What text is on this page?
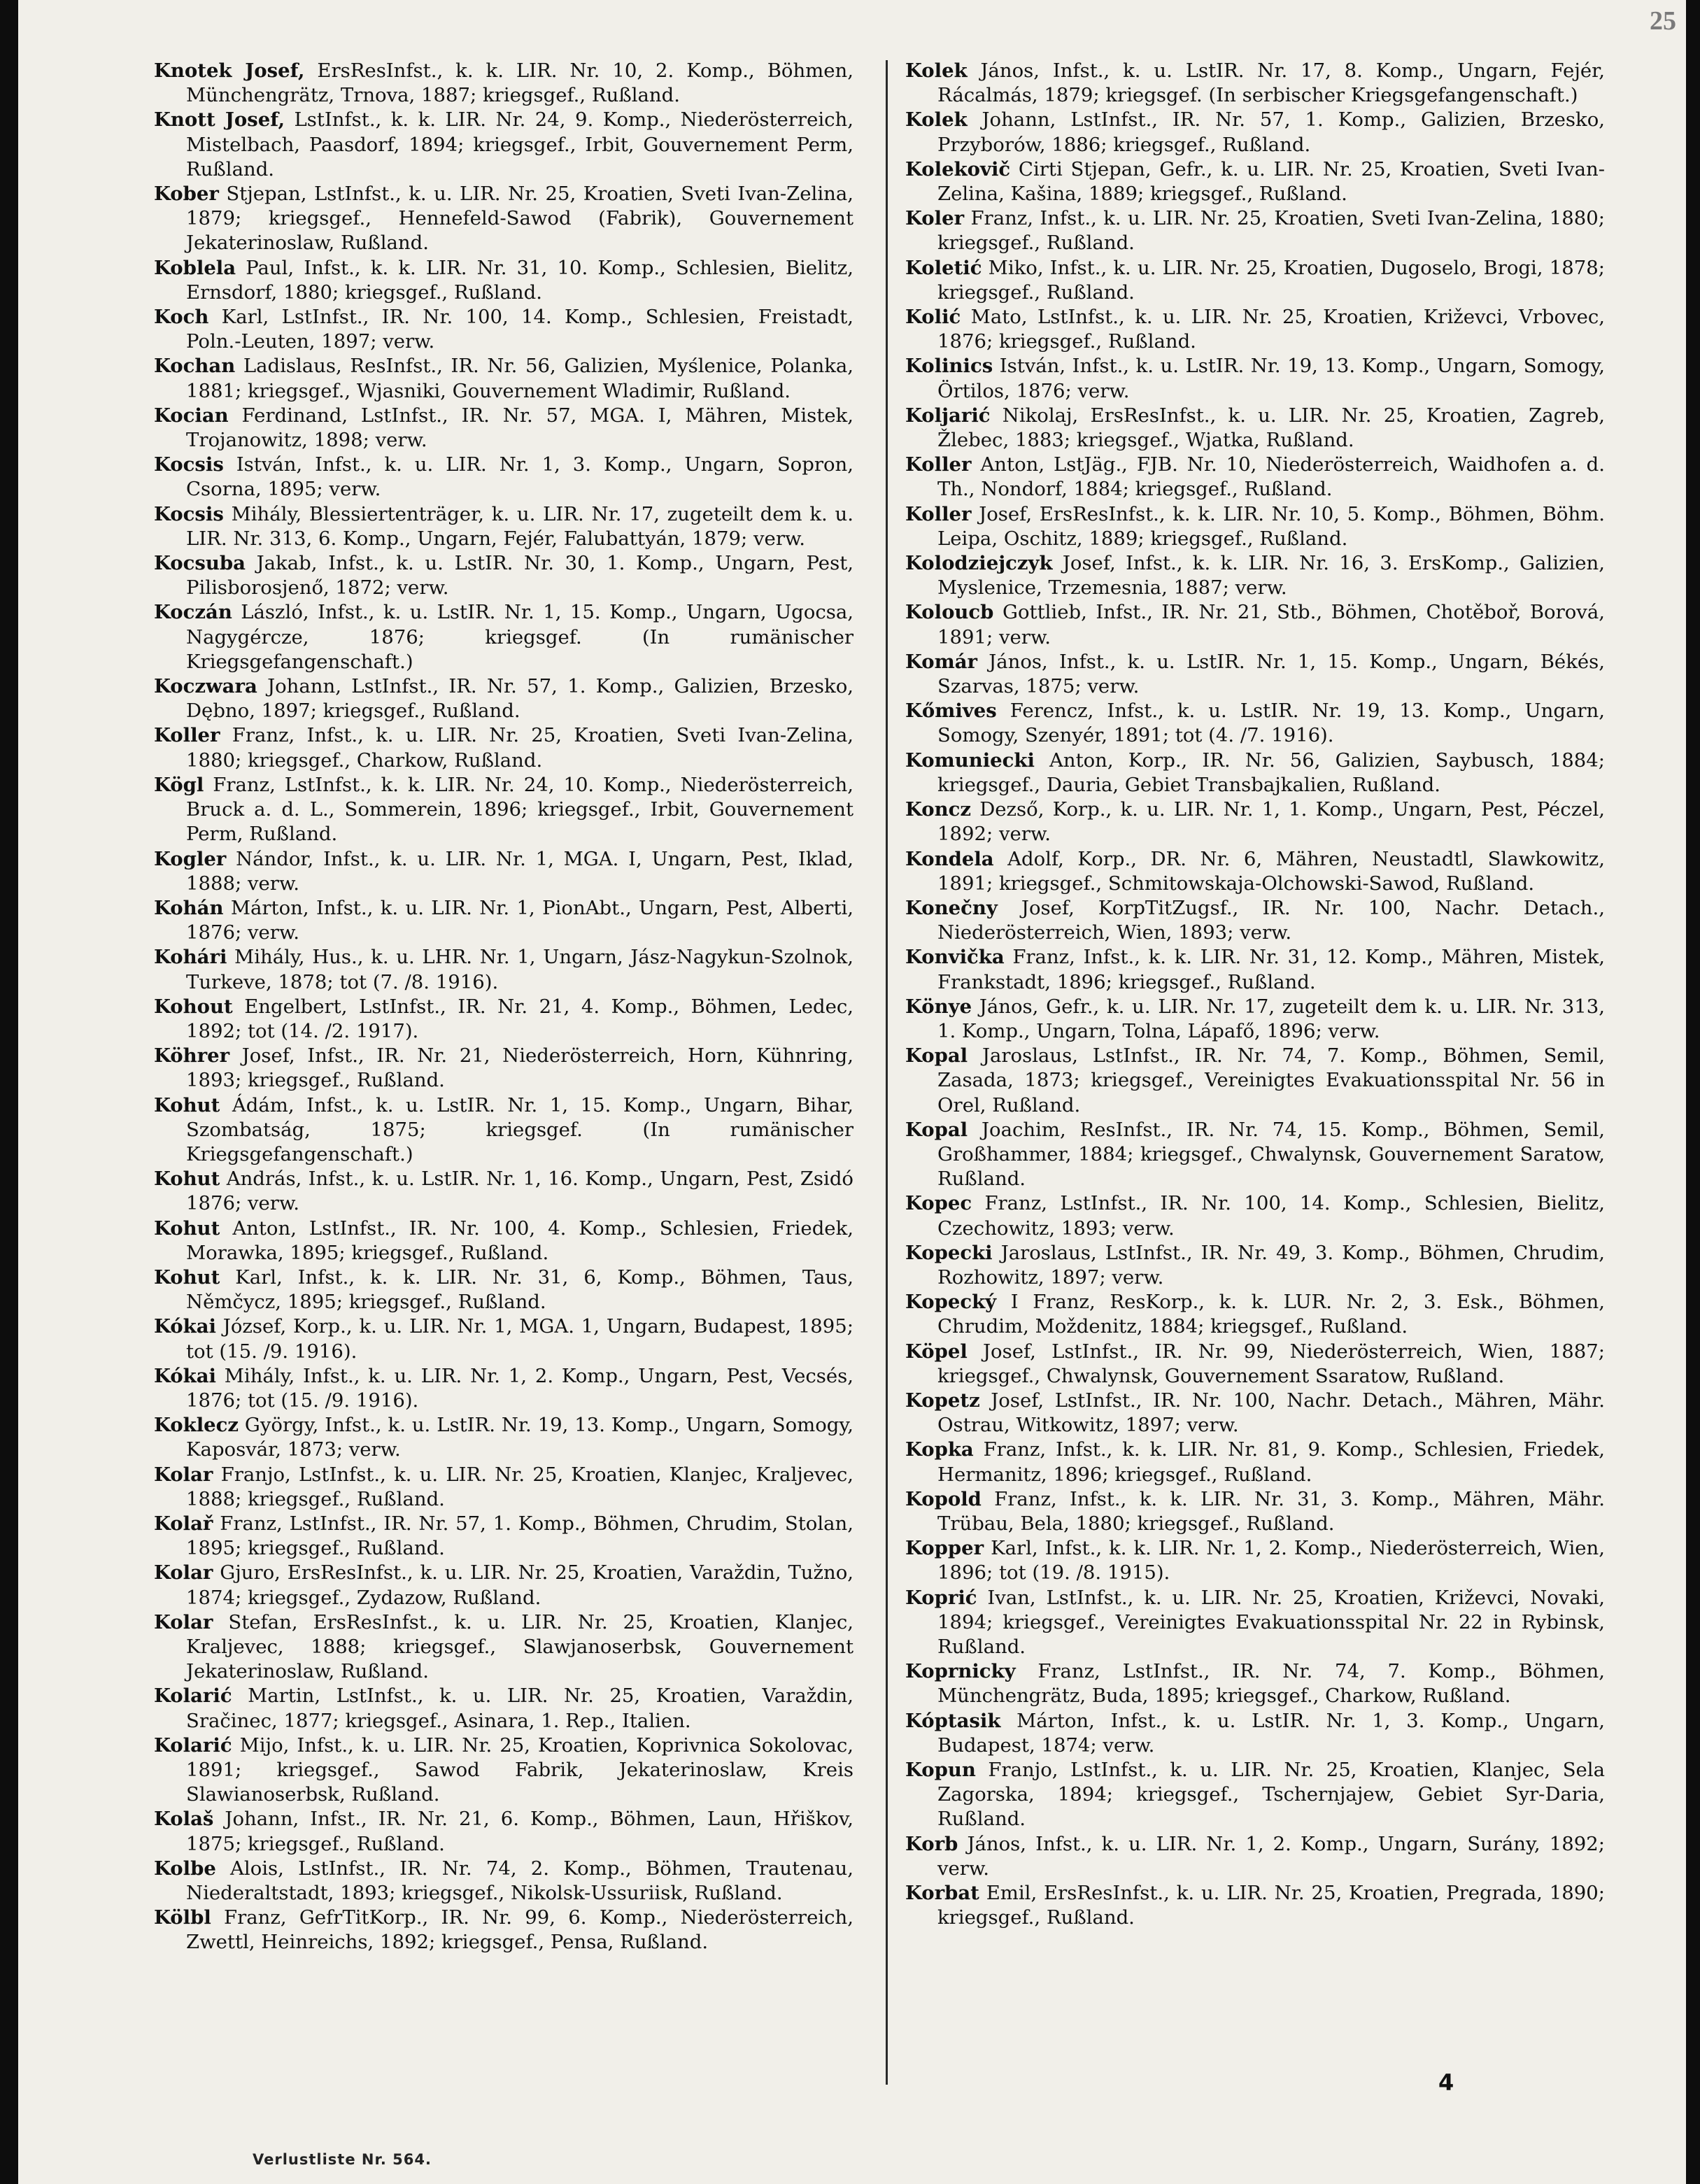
25

Knotek Josef, ErsResInfst., k. k. LIR. Nr. 10, 2. Komp., Böhmen, Münchengrätz, Trnova, 1887; kriegsgef., Rußland.

Knott Josef, LstInfst., k. k. LIR. Nr. 24, 9. Komp., Niederösterreich, Mistelbach, Paasdorf, 1894; kriegsgef., Irbit, Gouvernement Perm, Rußland.

Kober Stjepan, LstInfst., k. u. LIR. Nr. 25, Kroatien, Sveti Ivan-Zelina, 1879; kriegsgef., Hennefeld-Sawod (Fabrik), Gouvernement Jekaterinoslaw, Rußland.

Koblela Paul, Infst., k. k. LIR. Nr. 31, 10. Komp., Schlesien, Bielitz, Ernsdorf, 1880; kriegsgef., Rußland.

Koch Karl, LstInfst., IR. Nr. 100, 14. Komp., Schlesien, Freistadt, Poln.-Leuten, 1897; verw.

Kochan Ladislaus, ResInfst., IR. Nr. 56, Galizien, Myślenice, Polanka, 1881; kriegsgef., Wjasniki, Gouvernement Wladimir, Rußland.

Kocian Ferdinand, LstInfst., IR. Nr. 57, MGA. I, Mähren, Mistek, Trojanowitz, 1898; verw.

Kocsis István, Infst., k. u. LIR. Nr. 1, 3. Komp., Ungarn, Sopron, Csorna, 1895; verw.

Kocsis Mihály, Blessiertenträger, k. u. LIR. Nr. 17, zugeteilt dem k. u. LIR. Nr. 313, 6. Komp., Ungarn, Fejér, Falubattyán, 1879; verw.

Kocsuba Jakab, Infst., k. u. LstIR. Nr. 30, 1. Komp., Ungarn, Pest, Pilisborosjenő, 1872; verw.

Koczán László, Infst., k. u. LstIR. Nr. 1, 15. Komp., Ungarn, Ugocsa, Nagygércze, 1876; kriegsgef. (In rumänischer Kriegsgefangenschaft.)

Koczwara Johann, LstInfst., IR. Nr. 57, 1. Komp., Galizien, Brzesko, Dębno, 1897; kriegsgef., Rußland.

Koller Franz, Infst., k. u. LIR. Nr. 25, Kroatien, Sveti Ivan-Zelina, 1880; kriegsgef., Charkow, Rußland.

Kögl Franz, LstInfst., k. k. LIR. Nr. 24, 10. Komp., Niederösterreich, Bruck a. d. L., Sommerein, 1896; kriegsgef., Irbit, Gouvernement Perm, Rußland.

Kogler Nándor, Infst., k. u. LIR. Nr. 1, MGA. I, Ungarn, Pest, Iklad, 1888; verw.

Kohán Márton, Infst., k. u. LIR. Nr. 1, PionAbt., Ungarn, Pest, Alberti, 1876; verw.

Kohári Mihály, Hus., k. u. LHR. Nr. 1, Ungarn, Jász-Nagykun-Szolnok, Turkeve, 1878; tot (7. /8. 1916).

Kohout Engelbert, LstInfst., IR. Nr. 21, 4. Komp., Böhmen, Ledec, 1892; tot (14. /2. 1917).

Köhrer Josef, Infst., IR. Nr. 21, Niederösterreich, Horn, Kühnring, 1893; kriegsgef., Rußland.

Kohut Ádám, Infst., k. u. LstIR. Nr. 1, 15. Komp., Ungarn, Bihar, Szombatság, 1875; kriegsgef. (In rumänischer Kriegsgefangenschaft.)

Kohut András, Infst., k. u. LstIR. Nr. 1, 16. Komp., Ungarn, Pest, Zsidó 1876; verw.

Kohut Anton, LstInfst., IR. Nr. 100, 4. Komp., Schlesien, Friedek, Morawka, 1895; kriegsgef., Rußland.

Kohut Karl, Infst., k. k. LIR. Nr. 31, 6, Komp., Böhmen, Taus, Němčycz, 1895; kriegsgef., Rußland.

Kókai József, Korp., k. u. LIR. Nr. 1, MGA. 1, Ungarn, Budapest, 1895; tot (15. /9. 1916).

Kókai Mihály, Infst., k. u. LIR. Nr. 1, 2. Komp., Ungarn, Pest, Vecsés, 1876; tot (15. /9. 1916).

Koklecz György, Infst., k. u. LstIR. Nr. 19, 13. Komp., Ungarn, Somogy, Kaposvár, 1873; verw.

Kolar Franjo, LstInfst., k. u. LIR. Nr. 25, Kroatien, Klanjec, Kraljevec, 1888; kriegsgef., Rußland.

Kolař Franz, LstInfst., IR. Nr. 57, 1. Komp., Böhmen, Chrudim, Stolan, 1895; kriegsgef., Rußland.

Kolar Gjuro, ErsResInfst., k. u. LIR. Nr. 25, Kroatien, Varaždin, Tužno, 1874; kriegsgef., Zydazow, Rußland.

Kolar Stefan, ErsResInfst., k. u. LIR. Nr. 25, Kroatien, Klanjec, Kraljevec, 1888; kriegsgef., Slawjanoserbsk, Gouvernement Jekaterinoslaw, Rußland.

Kolarić Martin, LstInfst., k. u. LIR. Nr. 25, Kroatien, Varaždin, Sračinec, 1877; kriegsgef., Asinara, 1. Rep., Italien.

Kolarić Mijo, Infst., k. u. LIR. Nr. 25, Kroatien, Koprivnica Sokolovac, 1891; kriegsgef., Sawod Fabrik, Jekaterinoslaw, Kreis Slawianoserbsk, Rußland.

Kolaš Johann, Infst., IR. Nr. 21, 6. Komp., Böhmen, Laun, Hřiškov, 1875; kriegsgef., Rußland.

Kolbe Alois, LstInfst., IR. Nr. 74, 2. Komp., Böhmen, Trautenau, Niederaltstadt, 1893; kriegsgef., Nikolsk-Ussuriisk, Rußland.

Kölbl Franz, GefrTitKorp., IR. Nr. 99, 6. Komp., Niederösterreich, Zwettl, Heinreichs, 1892; kriegsgef., Pensa, Rußland.

Kolek János, Infst., k. u. LstIR. Nr. 17, 8. Komp., Ungarn, Fejér, Rácalmás, 1879; kriegsgef. (In serbischer Kriegsgefangenschaft.)

Kolek Johann, LstInfst., IR. Nr. 57, 1. Komp., Galizien, Brzesko, Przyborów, 1886; kriegsgef., Rußland.

Kolekovič Cirti Stjepan, Gefr., k. u. LIR. Nr. 25, Kroatien, Sveti Ivan-Zelina, Kašina, 1889; kriegsgef., Rußland.

Koler Franz, Infst., k. u. LIR. Nr. 25, Kroatien, Sveti Ivan-Zelina, 1880; kriegsgef., Rußland.

Koletić Miko, Infst., k. u. LIR. Nr. 25, Kroatien, Dugoselo, Brogi, 1878; kriegsgef., Rußland.

Kolić Mato, LstInfst., k. u. LIR. Nr. 25, Kroatien, Križevci, Vrbovec, 1876; kriegsgef., Rußland.

Kolinics István, Infst., k. u. LstIR. Nr. 19, 13. Komp., Ungarn, Somogy, Örtilos, 1876; verw.

Koljarić Nikolaj, ErsResInfst., k. u. LIR. Nr. 25, Kroatien, Zagreb, Žlebec, 1883; kriegsgef., Wjatka, Rußland.

Koller Anton, LstJäg., FJB. Nr. 10, Niederösterreich, Waidhofen a. d. Th., Nondorf, 1884; kriegsgef., Rußland.

Koller Josef, ErsResInfst., k. k. LIR. Nr. 10, 5. Komp., Böhmen, Böhm. Leipa, Oschitz, 1889; kriegsgef., Rußland.

Kolodziejczyk Josef, Infst., k. k. LIR. Nr. 16, 3. ErsKomp., Galizien, Myslenice, Trzemesnia, 1887; verw.

Koloucb Gottlieb, Infst., IR. Nr. 21, Stb., Böhmen, Chotěboř, Borová, 1891; verw.

Komár János, Infst., k. u. LstIR. Nr. 1, 15. Komp., Ungarn, Békés, Szarvas, 1875; verw.

Kőmives Ferencz, Infst., k. u. LstIR. Nr. 19, 13. Komp., Ungarn, Somogy, Szenyér, 1891; tot (4. /7. 1916).

Komuniecki Anton, Korp., IR. Nr. 56, Galizien, Saybusch, 1884; kriegsgef., Dauria, Gebiet Transbajkalien, Rußland.

Koncz Dezső, Korp., k. u. LIR. Nr. 1, 1. Komp., Ungarn, Pest, Péczel, 1892; verw.

Kondela Adolf, Korp., DR. Nr. 6, Mähren, Neustadtl, Slawkowitz, 1891; kriegsgef., Schmitowskaja-Olchowski-Sawod, Rußland.

Konečny Josef, KorpTitZugsf., IR. Nr. 100, Nachr. Detach., Niederösterreich, Wien, 1893; verw.

Konvička Franz, Infst., k. k. LIR. Nr. 31, 12. Komp., Mähren, Mistek, Frankstadt, 1896; kriegsgef., Rußland.

Könye János, Gefr., k. u. LIR. Nr. 17, zugeteilt dem k. u. LIR. Nr. 313, 1. Komp., Ungarn, Tolna, Lápafő, 1896; verw.

Kopal Jaroslaus, LstInfst., IR. Nr. 74, 7. Komp., Böhmen, Semil, Zasada, 1873; kriegsgef., Vereinigtes Evakuationsspital Nr. 56 in Orel, Rußland.

Kopal Joachim, ResInfst., IR. Nr. 74, 15. Komp., Böhmen, Semil, Großhammer, 1884; kriegsgef., Chwalynsk, Gouvernement Saratow, Rußland.

Kopec Franz, LstInfst., IR. Nr. 100, 14. Komp., Schlesien, Bielitz, Czechowitz, 1893; verw.

Kopecki Jaroslaus, LstInfst., IR. Nr. 49, 3. Komp., Böhmen, Chrudim, Rozhowitz, 1897; verw.

Kopecký I Franz, ResKorp., k. k. LUR. Nr. 2, 3. Esk., Böhmen, Chrudim, Moždenitz, 1884; kriegsgef., Rußland.

Köpel Josef, LstInfst., IR. Nr. 99, Niederösterreich, Wien, 1887; kriegsgef., Chwalynsk, Gouvernement Ssaratow, Rußland.

Kopetz Josef, LstInfst., IR. Nr. 100, Nachr. Detach., Mähren, Mähr. Ostrau, Witkowitz, 1897; verw.

Kopka Franz, Infst., k. k. LIR. Nr. 81, 9. Komp., Schlesien, Friedek, Hermanitz, 1896; kriegsgef., Rußland.

Kopold Franz, Infst., k. k. LIR. Nr. 31, 3. Komp., Mähren, Mähr. Trübau, Bela, 1880; kriegsgef., Rußland.

Kopper Karl, Infst., k. k. LIR. Nr. 1, 2. Komp., Niederösterreich, Wien, 1896; tot (19. /8. 1915).

Koprić Ivan, LstInfst., k. u. LIR. Nr. 25, Kroatien, Križevci, Novaki, 1894; kriegsgef., Vereinigtes Evakuationsspital Nr. 22 in Rybinsk, Rußland.

Koprnicky Franz, LstInfst., IR. Nr. 74, 7. Komp., Böhmen, Münchengrätz, Buda, 1895; kriegsgef., Charkow, Rußland.

Kóptasik Márton, Infst., k. u. LstIR. Nr. 1, 3. Komp., Ungarn, Budapest, 1874; verw.

Kopun Franjo, LstInfst., k. u. LIR. Nr. 25, Kroatien, Klanjec, Sela Zagorska, 1894; kriegsgef., Tschernjajew, Gebiet Syr-Daria, Rußland.

Korb János, Infst., k. u. LIR. Nr. 1, 2. Komp., Ungarn, Surány, 1892; verw.

Korbat Emil, ErsResInfst., k. u. LIR. Nr. 25, Kroatien, Pregrada, 1890; kriegsgef., Rußland.

Verlustliste Nr. 564.
4
